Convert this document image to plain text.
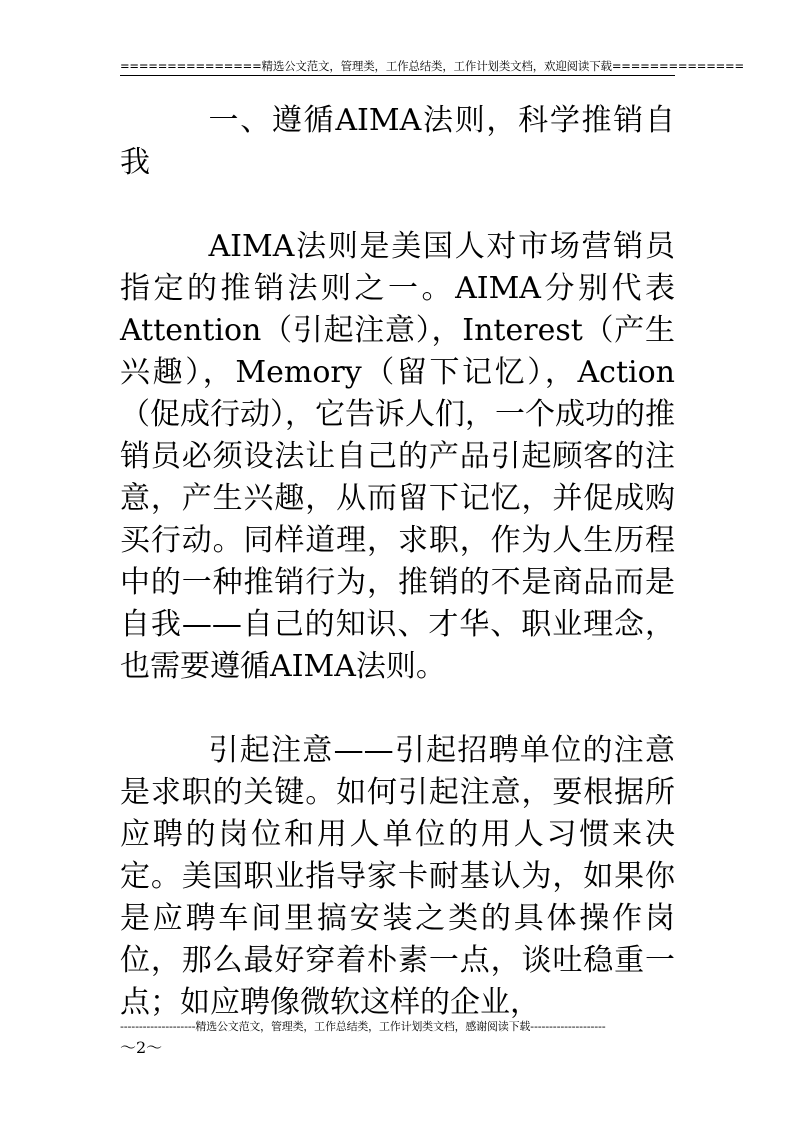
===============精选公文范文，管理类，工作总结类，工作计划类文档，欢迎阅读下载==============

一、遵循AIMA法则，科学推销自我

AIMA法则是美国人对市场营销员指定的推销法则之一。AIMA分别代表Attention（引起注意），Interest（产生兴趣），Memory（留下记忆），Action（促成行动），它告诉人们，一个成功的推销员必须设法让自己的产品引起顾客的注意，产生兴趣，从而留下记忆，并促成购买行动。同样道理，求职，作为人生历程中的一种推销行为，推销的不是商品而是自我——自己的知识、才华、职业理念，也需要遵循AIMA法则。

引起注意——引起招聘单位的注意是求职的关键。如何引起注意，要根据所应聘的岗位和用人单位的用人习惯来决定。美国职业指导家卡耐基认为，如果你是应聘车间里搞安装之类的具体操作岗位，那么最好穿着朴素一点，谈吐稳重一点；如应聘像微软这样的企业，

--------------------精选公文范文，管理类，工作总结类，工作计划类文档，感谢阅读下载--------------------
～2～
